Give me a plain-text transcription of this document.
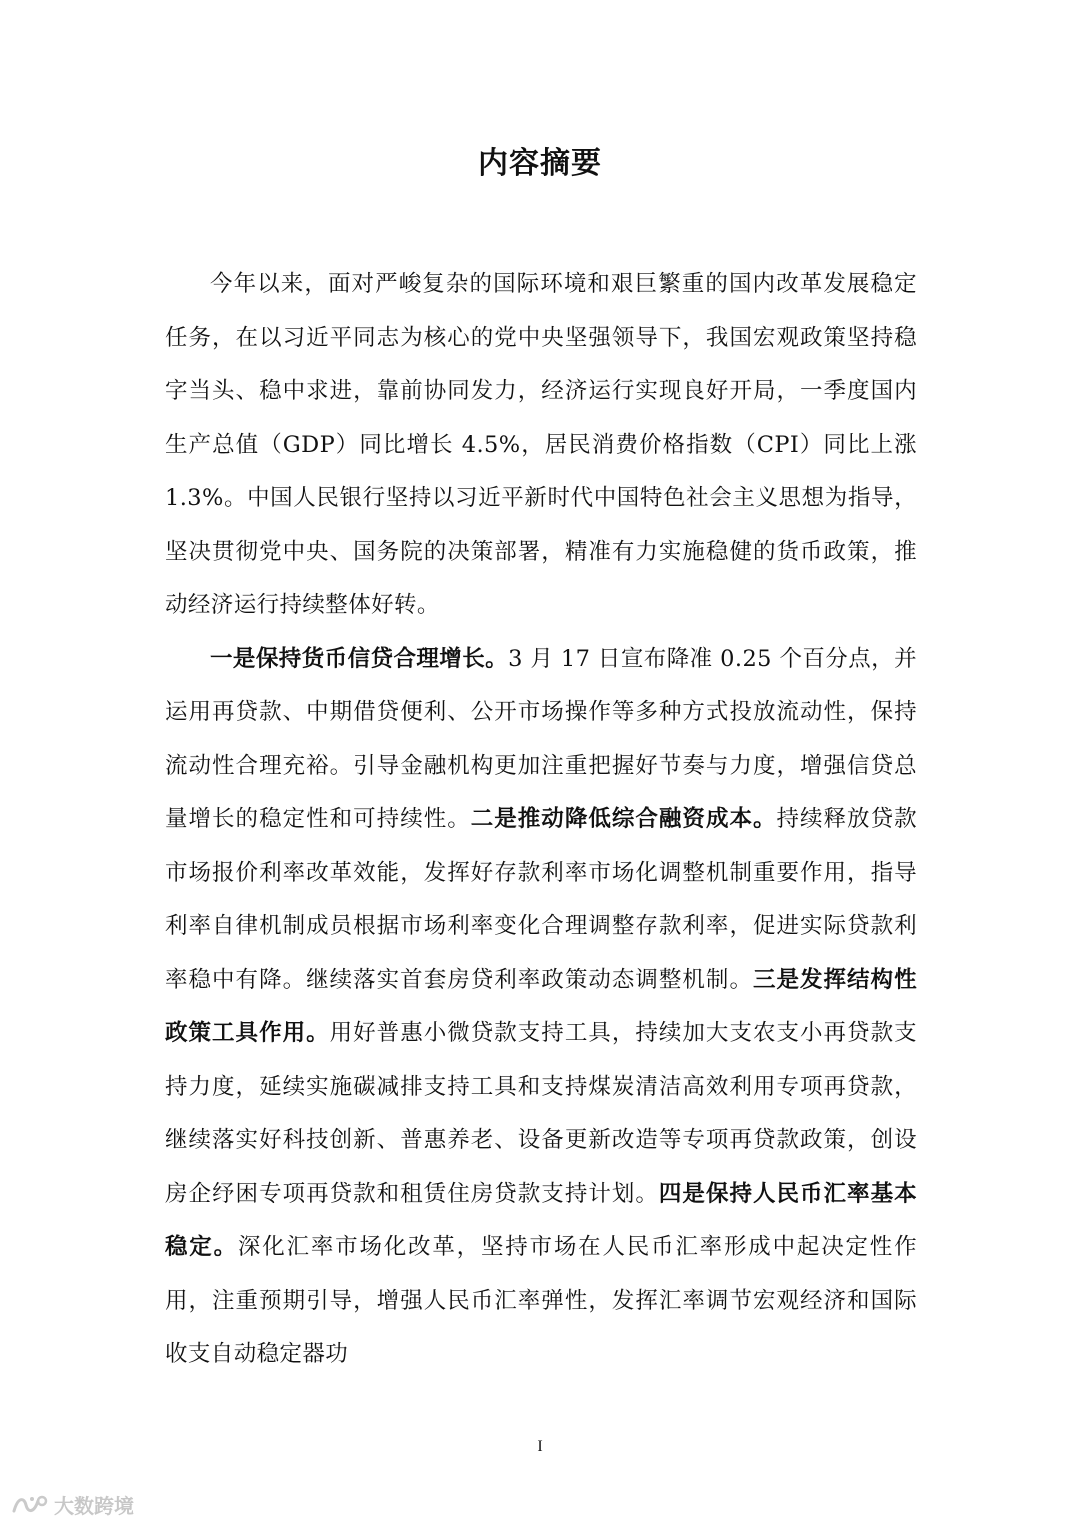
内容摘要

今年以来，面对严峻复杂的国际环境和艰巨繁重的国内改革发展稳定任务，在以习近平同志为核心的党中央坚强领导下，我国宏观政策坚持稳字当头、稳中求进，靠前协同发力，经济运行实现良好开局，一季度国内生产总值（GDP）同比增长 4.5%，居民消费价格指数（CPI）同比上涨 1.3%。中国人民银行坚持以习近平新时代中国特色社会主义思想为指导，坚决贯彻党中央、国务院的决策部署，精准有力实施稳健的货币政策，推动经济运行持续整体好转。

一是保持货币信贷合理增长。3 月 17 日宣布降准 0.25 个百分点，并运用再贷款、中期借贷便利、公开市场操作等多种方式投放流动性，保持流动性合理充裕。引导金融机构更加注重把握好节奏与力度，增强信贷总量增长的稳定性和可持续性。二是推动降低综合融资成本。持续释放贷款市场报价利率改革效能，发挥好存款利率市场化调整机制重要作用，指导利率自律机制成员根据市场利率变化合理调整存款利率，促进实际贷款利率稳中有降。继续落实首套房贷利率政策动态调整机制。三是发挥结构性政策工具作用。用好普惠小微贷款支持工具，持续加大支农支小再贷款支持力度，延续实施碳减排支持工具和支持煤炭清洁高效利用专项再贷款，继续落实好科技创新、普惠养老、设备更新改造等专项再贷款政策，创设房企纾困专项再贷款和租赁住房贷款支持计划。四是保持人民币汇率基本稳定。深化汇率市场化改革，坚持市场在人民币汇率形成中起决定性作用，注重预期引导，增强人民币汇率弹性，发挥汇率调节宏观经济和国际收支自动稳定器功

I
大数跨境
